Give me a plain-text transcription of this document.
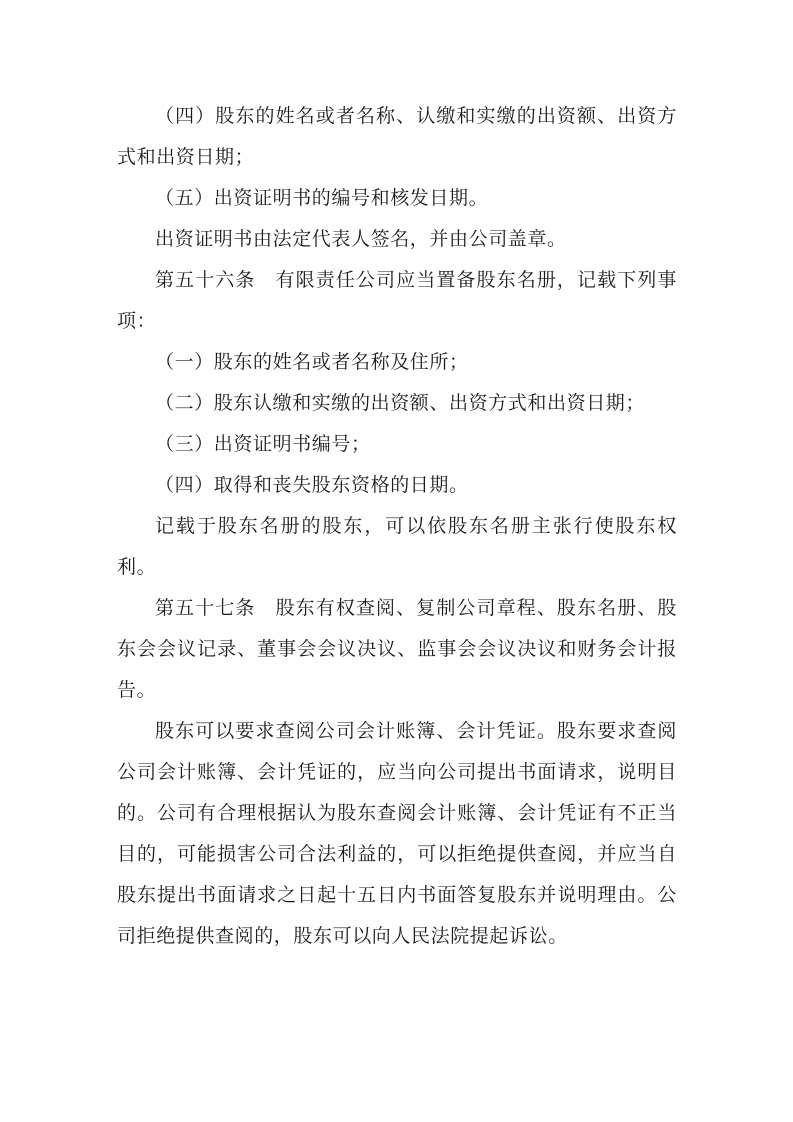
（四）股东的姓名或者名称、认缴和实缴的出资额、出资方式和出资日期；

（五）出资证明书的编号和核发日期。

出资证明书由法定代表人签名，并由公司盖章。

第五十六条　有限责任公司应当置备股东名册，记载下列事项：

（一）股东的姓名或者名称及住所；

（二）股东认缴和实缴的出资额、出资方式和出资日期；

（三）出资证明书编号；

（四）取得和丧失股东资格的日期。

记载于股东名册的股东，可以依股东名册主张行使股东权利。

第五十七条　股东有权查阅、复制公司章程、股东名册、股东会会议记录、董事会会议决议、监事会会议决议和财务会计报告。

股东可以要求查阅公司会计账簿、会计凭证。股东要求查阅公司会计账簿、会计凭证的，应当向公司提出书面请求，说明目的。公司有合理根据认为股东查阅会计账簿、会计凭证有不正当目的，可能损害公司合法利益的，可以拒绝提供查阅，并应当自股东提出书面请求之日起十五日内书面答复股东并说明理由。公司拒绝提供查阅的，股东可以向人民法院提起诉讼。
